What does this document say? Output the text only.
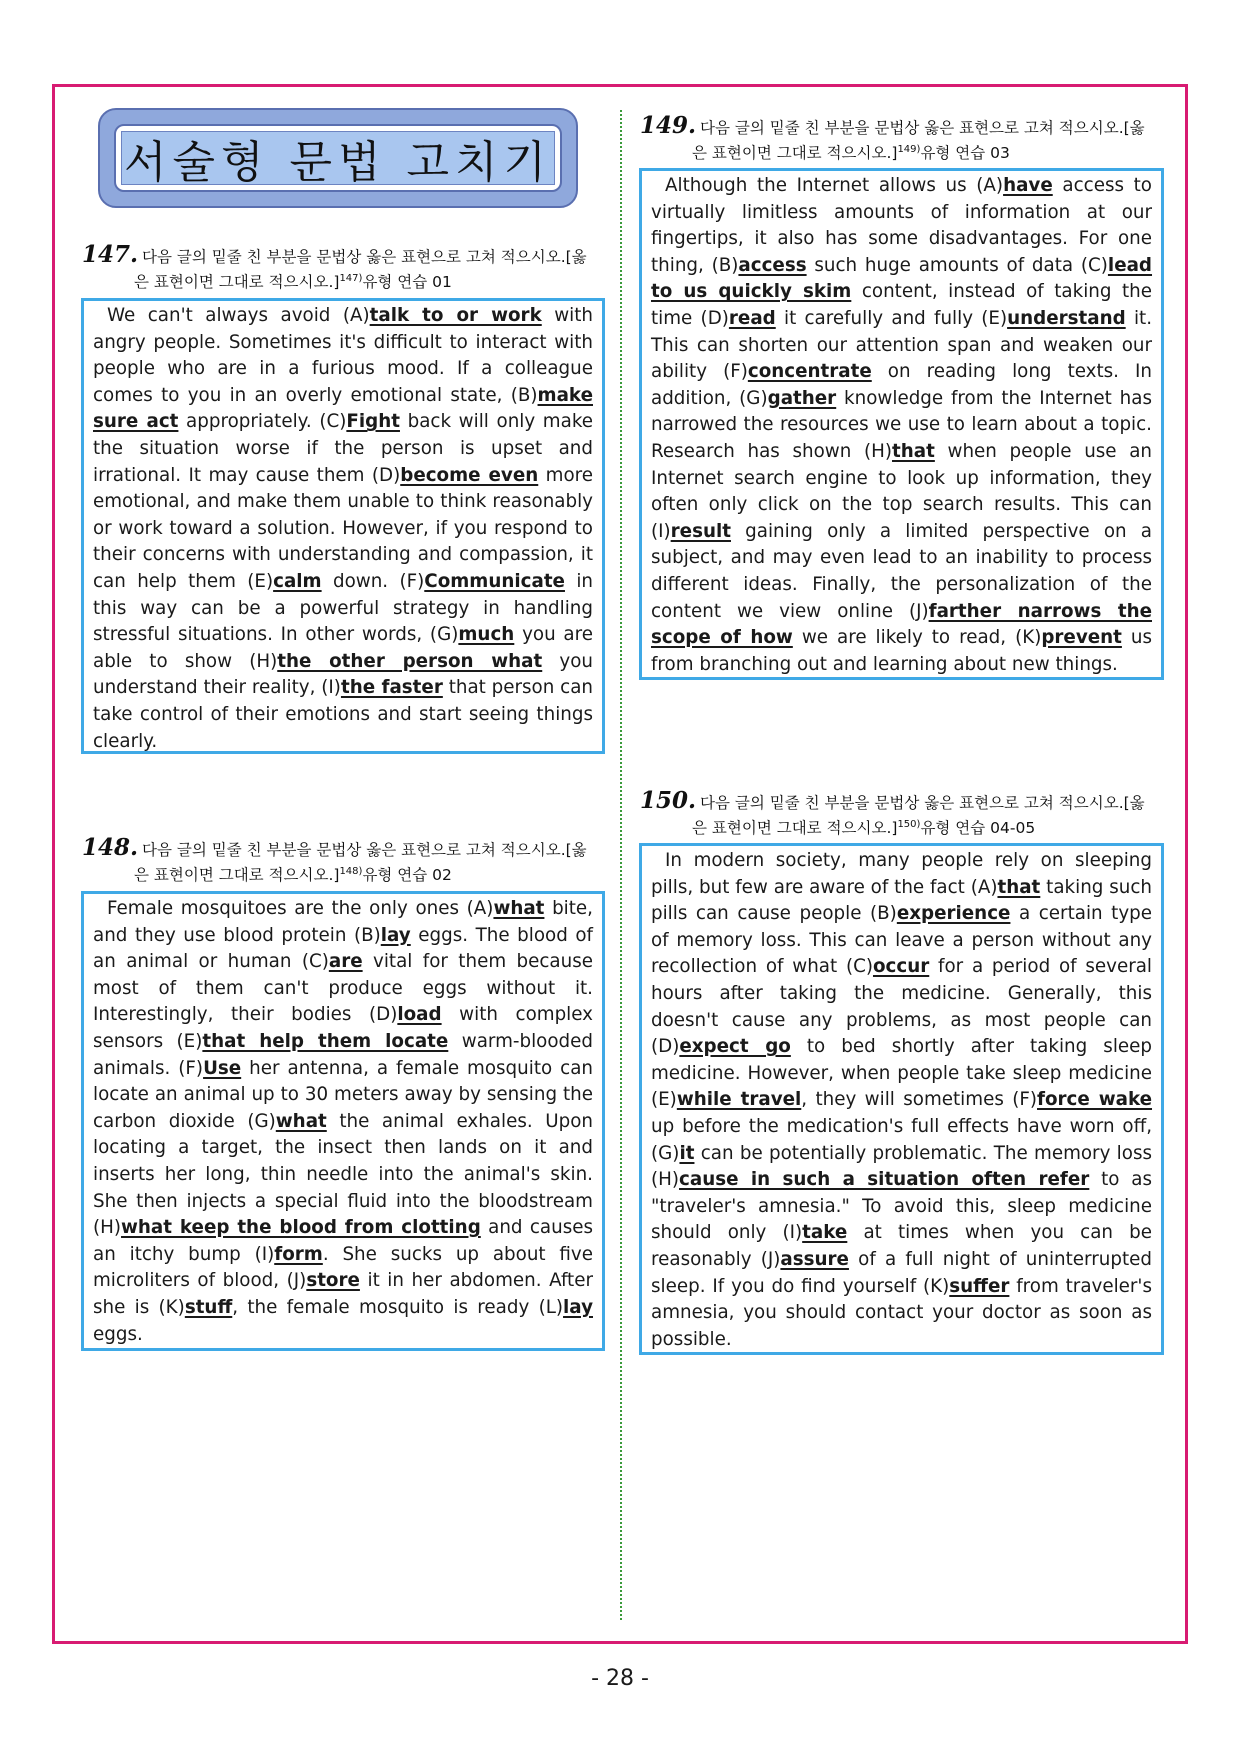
서술형 문법 고치기
147. 다음 글의 밑줄 친 부분을 문법상 옳은 표현으로 고쳐 적으시오.[옳
은 표현이면 그대로 적으시오.]$^{147)}$유형 연습 01
We can't always avoid (A)talk to or work with angry people. Sometimes it's difficult to interact with people who are in a furious mood. If a colleague comes to you in an overly emotional state, (B)make sure act appropriately. (C)Fight back will only make the situation worse if the person is upset and irrational. It may cause them (D)become even more emotional, and make them unable to think reasonably or work toward a solution. However, if you respond to their concerns with understanding and compassion, it can help them (E)calm down. (F)Communicate in this way can be a powerful strategy in handling stressful situations. In other words, (G)much you are able to show (H)the other person what you understand their reality, (I)the faster that person can take control of their emotions and start seeing things clearly.
148. 다음 글의 밑줄 친 부분을 문법상 옳은 표현으로 고쳐 적으시오.[옳
은 표현이면 그대로 적으시오.]$^{148)}$유형 연습 02
Female mosquitoes are the only ones (A)what bite, and they use blood protein (B)lay eggs. The blood of an animal or human (C)are vital for them because most of them can't produce eggs without it. Interestingly, their bodies (D)load with complex sensors (E)that help them locate warm-blooded animals. (F)Use her antenna, a female mosquito can locate an animal up to 30 meters away by sensing the carbon dioxide (G)what the animal exhales. Upon locating a target, the insect then lands on it and inserts her long, thin needle into the animal's skin. She then injects a special fluid into the bloodstream (H)what keep the blood from clotting and causes an itchy bump (I)form. She sucks up about five microliters of blood, (J)store it in her abdomen. After she is (K)stuff, the female mosquito is ready (L)lay eggs.
149. 다음 글의 밑줄 친 부분을 문법상 옳은 표현으로 고쳐 적으시오.[옳
은 표현이면 그대로 적으시오.]$^{149)}$유형 연습 03
Although the Internet allows us (A)have access to virtually limitless amounts of information at our fingertips, it also has some disadvantages. For one thing, (B)access such huge amounts of data (C)lead to us quickly skim content, instead of taking the time (D)read it carefully and fully (E)understand it. This can shorten our attention span and weaken our ability (F)concentrate on reading long texts. In addition, (G)gather knowledge from the Internet has narrowed the resources we use to learn about a topic. Research has shown (H)that when people use an Internet search engine to look up information, they often only click on the top search results. This can (I)result gaining only a limited perspective on a subject, and may even lead to an inability to process different ideas. Finally, the personalization of the content we view online (J)farther narrows the scope of how we are likely to read, (K)prevent us from branching out and learning about new things.
150. 다음 글의 밑줄 친 부분을 문법상 옳은 표현으로 고쳐 적으시오.[옳
은 표현이면 그대로 적으시오.]$^{150)}$유형 연습 04-05
In modern society, many people rely on sleeping pills, but few are aware of the fact (A)that taking such pills can cause people (B)experience a certain type of memory loss. This can leave a person without any recollection of what (C)occur for a period of several hours after taking the medicine. Generally, this doesn't cause any problems, as most people can (D)expect go to bed shortly after taking sleep medicine. However, when people take sleep medicine (E)while travel, they will sometimes (F)force wake up before the medication's full effects have worn off, (G)it can be potentially problematic. The memory loss (H)cause in such a situation often refer to as "traveler's amnesia." To avoid this, sleep medicine should only (I)take at times when you can be reasonably (J)assure of a full night of uninterrupted sleep. If you do find yourself (K)suffer from traveler's amnesia, you should contact your doctor as soon as possible.
- 28 -
